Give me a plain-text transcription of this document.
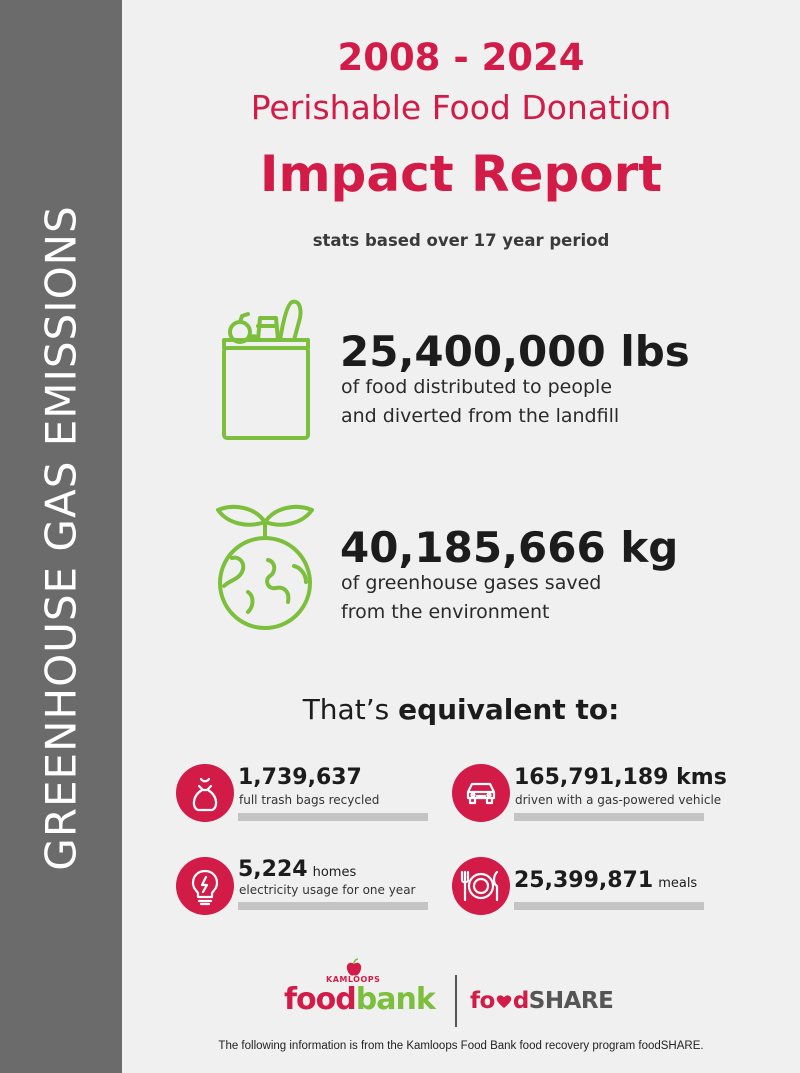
GREENHOUSE GAS EMISSIONS
2008 - 2024
Perishable Food Donation
Impact Report
stats based over 17 year period
25,400,000 lbs
of food distributed to people
and diverted from the landfill
40,185,666 kg
of greenhouse gases saved
from the environment
That’s equivalent to:
1,739,637
full trash bags recycled
165,791,189 kms
driven with a gas-powered vehicle
5,224 homes
electricity usage for one year	25,399,871 meals
KAMLOOPS
foodbank fo dSHARE
The following information is from the Kamloops Food Bank food recovery program foodSHARE.
